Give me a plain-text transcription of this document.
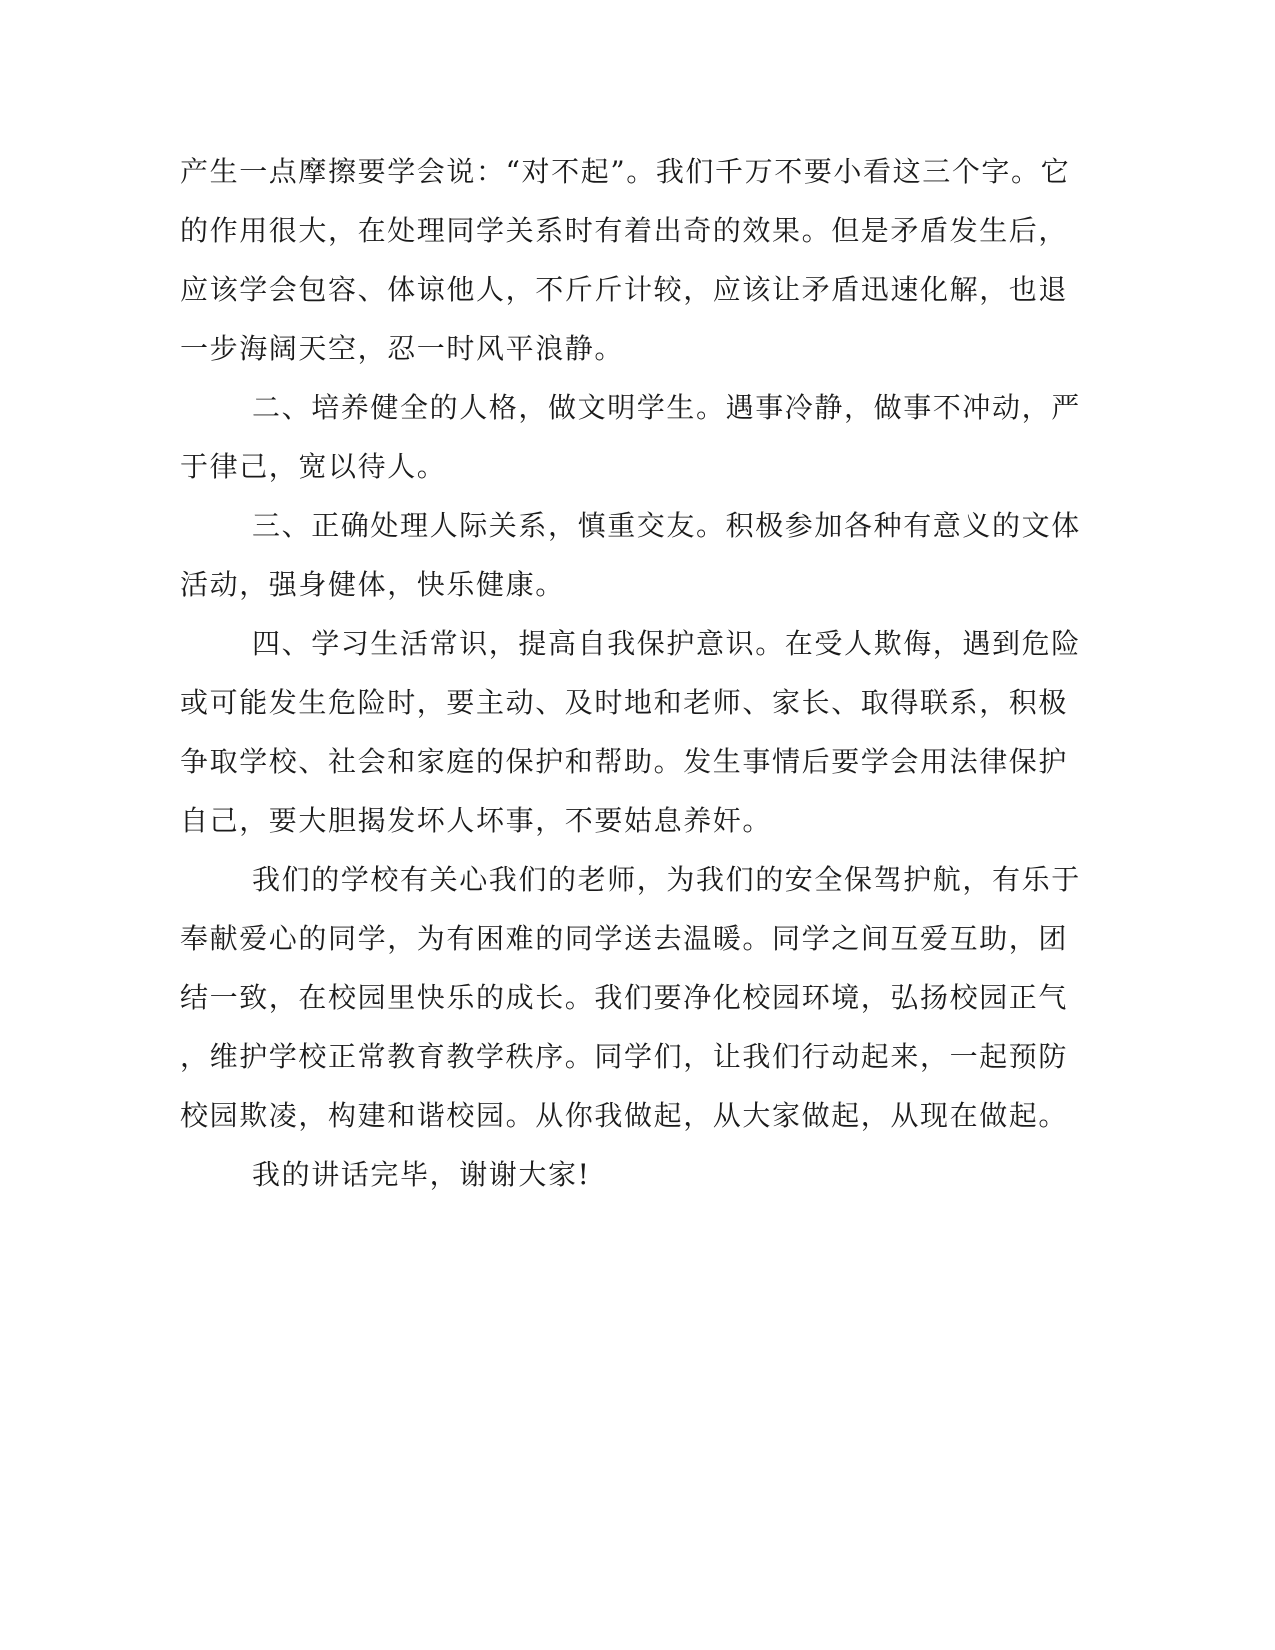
产生一点摩擦要学会说：“对不起”。我们千万不要小看这三个字。它
的作用很大，在处理同学关系时有着出奇的效果。但是矛盾发生后，
应该学会包容、体谅他人，不斤斤计较，应该让矛盾迅速化解，也退
一步海阔天空，忍一时风平浪静。
二、培养健全的人格，做文明学生。遇事冷静，做事不冲动，严
于律己，宽以待人。
三、正确处理人际关系，慎重交友。积极参加各种有意义的文体
活动，强身健体，快乐健康。
四、学习生活常识，提高自我保护意识。在受人欺侮，遇到危险
或可能发生危险时，要主动、及时地和老师、家长、取得联系，积极
争取学校、社会和家庭的保护和帮助。发生事情后要学会用法律保护
自己，要大胆揭发坏人坏事，不要姑息养奸。
我们的学校有关心我们的老师，为我们的安全保驾护航，有乐于
奉献爱心的同学，为有困难的同学送去温暖。同学之间互爱互助，团
结一致，在校园里快乐的成长。我们要净化校园环境，弘扬校园正气
，维护学校正常教育教学秩序。同学们，让我们行动起来，一起预防
校园欺凌，构建和谐校园。从你我做起，从大家做起，从现在做起。
我的讲话完毕，谢谢大家!
